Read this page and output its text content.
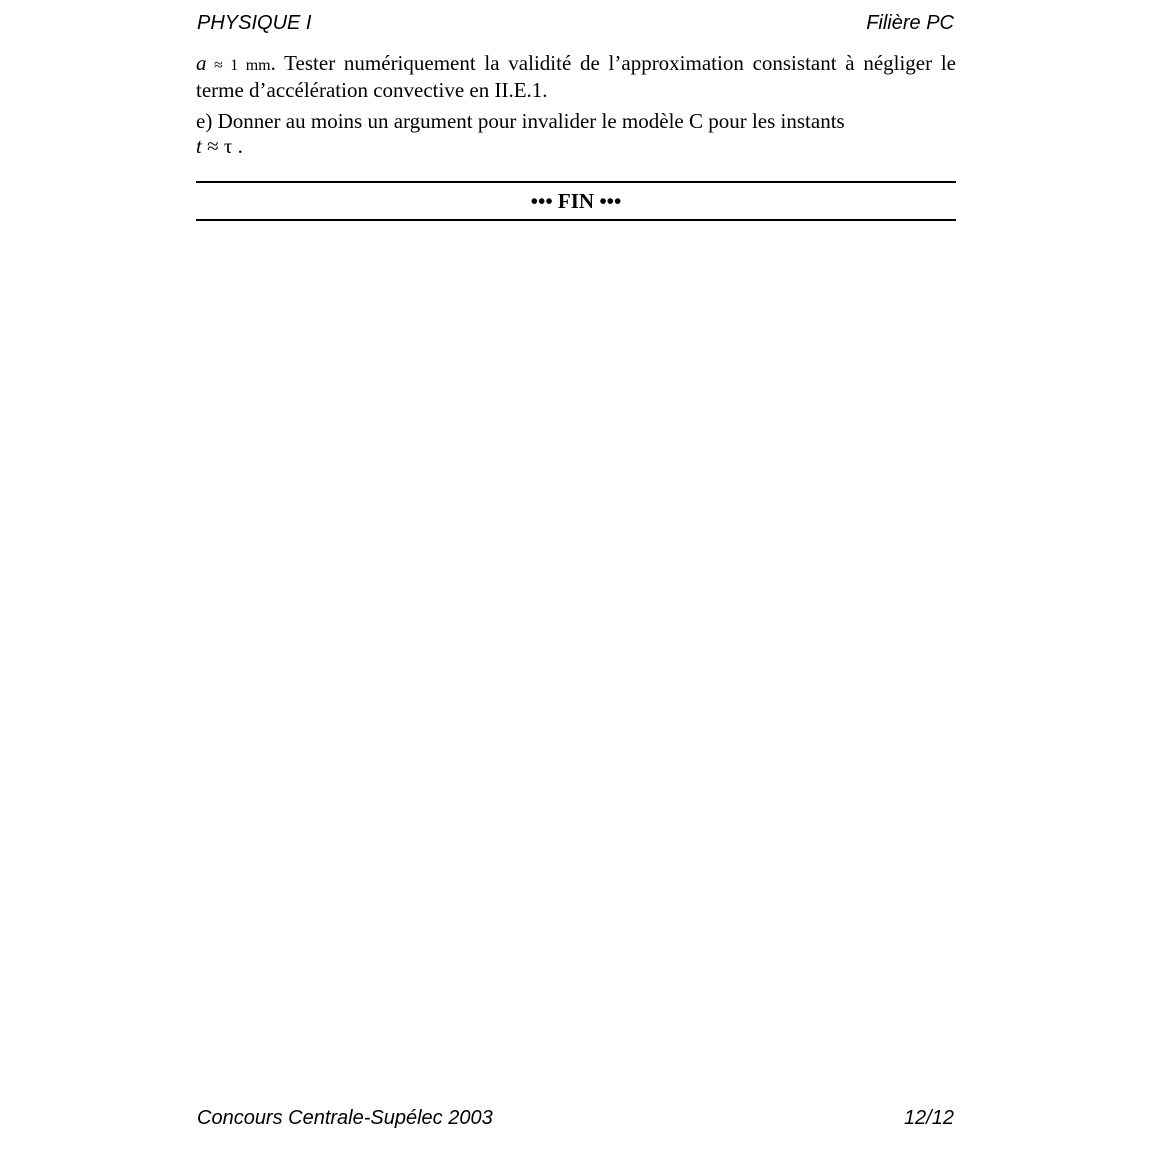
PHYSIQUE I	Filière PC

a ≈ 1 mm. Tester numériquement la validité de l’approximation consistant à négliger le terme d’accélération convective en II.E.1.

e) Donner au moins un argument pour invalider le modèle C pour les instants
t ≈ τ .

••• FIN •••
Concours Centrale-Supélec 2003	12/12
